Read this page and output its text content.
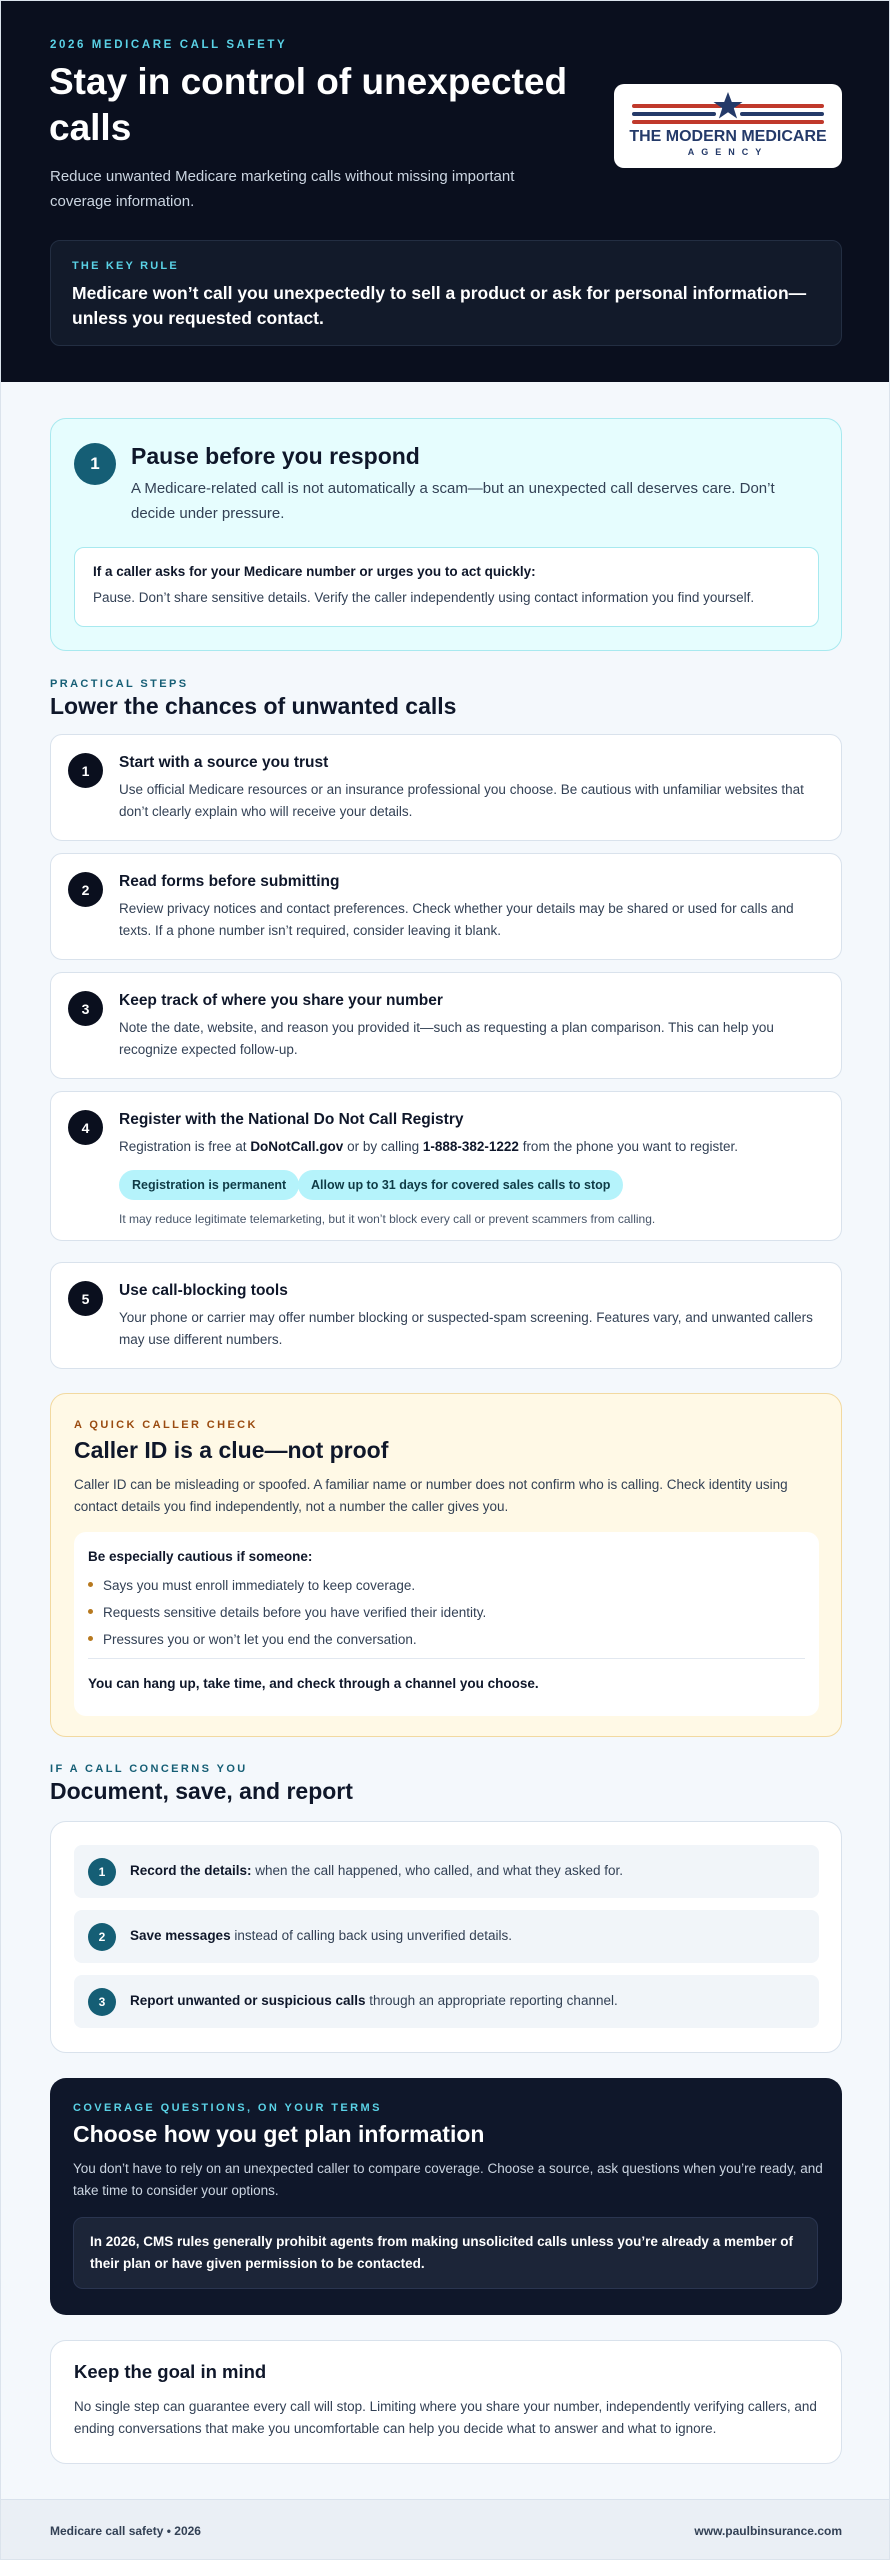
2026 MEDICARE CALL SAFETY
Stay in control of unexpected calls

Reduce unwanted Medicare marketing calls without missing important coverage information.

THE MODERN MEDICARE
AGENCY
THE KEY RULE

Medicare won’t call you unexpectedly to sell a product or ask for personal information—unless you requested contact.

1	Pause before you respond

A Medicare-related call is not automatically a scam—but an unexpected call deserves care. Don’t decide under pressure.

If a caller asks for your Medicare number or urges you to act quickly:
Pause. Don’t share sensitive details. Verify the caller independently using contact information you find yourself.
PRACTICAL STEPS
Lower the chances of unwanted calls
1	Start with a source you trust

Use official Medicare resources or an insurance professional you choose. Be cautious with unfamiliar websites that don’t clearly explain who will receive your details.

2	Read forms before submitting

Review privacy notices and contact preferences. Check whether your details may be shared or used for calls and texts. If a phone number isn’t required, consider leaving it blank.

3	Keep track of where you share your number

Note the date, website, and reason you provided it—such as requesting a plan comparison. This can help you recognize expected follow-up.

4	Register with the National Do Not Call Registry

Registration is free at DoNotCall.gov or by calling 1-888-382-1222 from the phone you want to register.

Registration is permanent	Allow up to 31 days for covered sales calls to stop

It may reduce legitimate telemarketing, but it won’t block every call or prevent scammers from calling.

5	Use call-blocking tools

Your phone or carrier may offer number blocking or suspected-spam screening. Features vary, and unwanted callers may use different numbers.

A QUICK CALLER CHECK
Caller ID is a clue—not proof

Caller ID can be misleading or spoofed. A familiar name or number does not confirm who is calling. Check identity using contact details you find independently, not a number the caller gives you.

Be especially cautious if someone:
Says you must enroll immediately to keep coverage.
Requests sensitive details before you have verified their identity.
Pressures you or won’t let you end the conversation.
You can hang up, take time, and check through a channel you choose.
IF A CALL CONCERNS YOU
Document, save, and report
1	Record the details: when the call happened, who called, and what they asked for.

2	Save messages instead of calling back using unverified details.

3	Report unwanted or suspicious calls through an appropriate reporting channel.

COVERAGE QUESTIONS, ON YOUR TERMS
Choose how you get plan information

You don’t have to rely on an unexpected caller to compare coverage. Choose a source, ask questions when you’re ready, and take time to consider your options.

In 2026, CMS rules generally prohibit agents from making unsolicited calls unless you’re already a member of their plan or have given permission to be contacted.

Keep the goal in mind

No single step can guarantee every call will stop. Limiting where you share your number, independently verifying callers, and ending conversations that make you uncomfortable can help you decide what to answer and what to ignore.

Medicare call safety • 2026	www.paulbinsurance.com
